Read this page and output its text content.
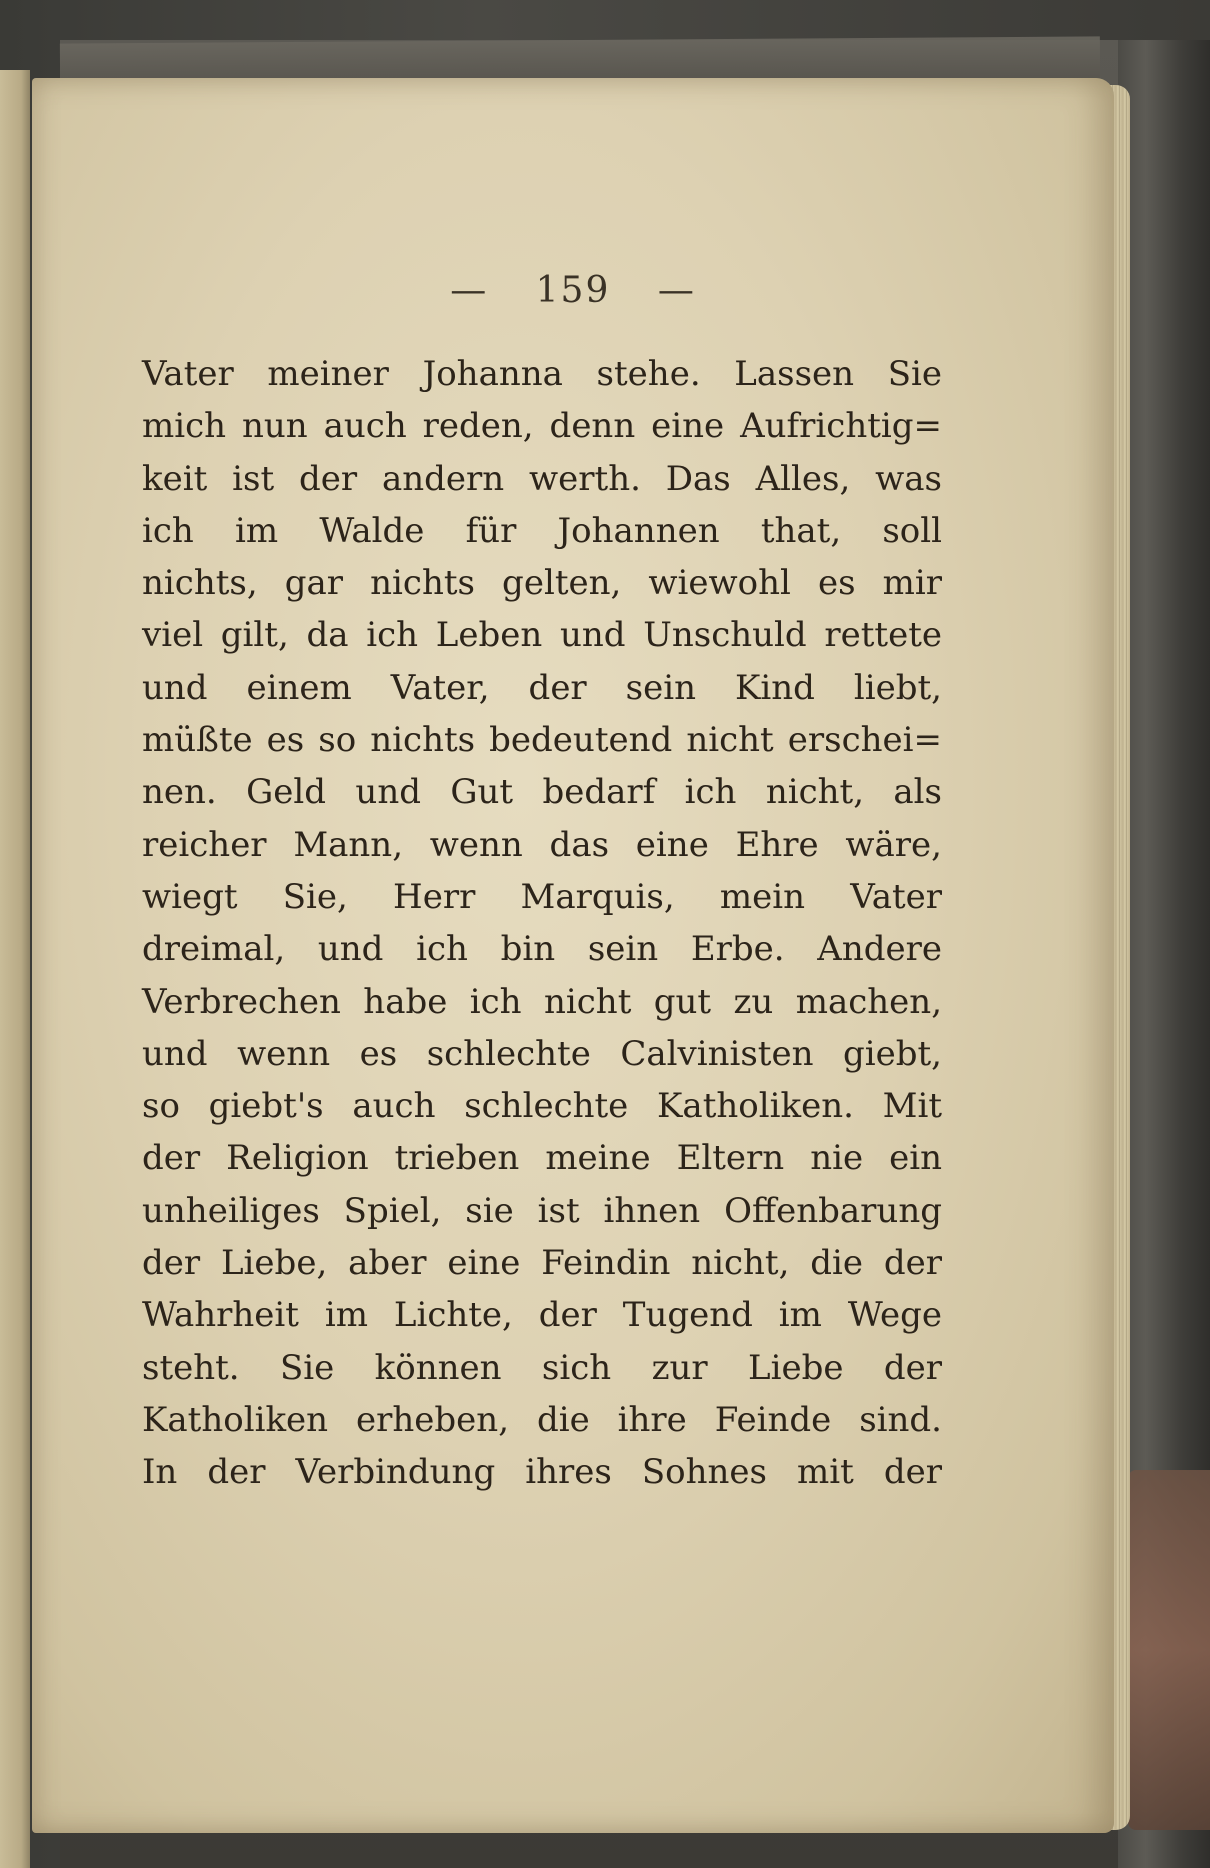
— 159 —
Vater meiner Johanna stehe. Lassen Sie
mich nun auch reden, denn eine Aufrichtig=
keit ist der andern werth. Das Alles, was
ich im Walde für Johannen that, soll
nichts, gar nichts gelten, wiewohl es mir
viel gilt, da ich Leben und Unschuld rettete
und einem Vater, der sein Kind liebt,
müßte es so nichts bedeutend nicht erschei=
nen. Geld und Gut bedarf ich nicht, als
reicher Mann, wenn das eine Ehre wäre,
wiegt Sie, Herr Marquis, mein Vater
dreimal, und ich bin sein Erbe. Andere
Verbrechen habe ich nicht gut zu machen,
und wenn es schlechte Calvinisten giebt,
so giebt's auch schlechte Katholiken. Mit
der Religion trieben meine Eltern nie ein
unheiliges Spiel, sie ist ihnen Offenbarung
der Liebe, aber eine Feindin nicht, die der
Wahrheit im Lichte, der Tugend im Wege
steht. Sie können sich zur Liebe der
Katholiken erheben, die ihre Feinde sind.
In der Verbindung ihres Sohnes mit der
